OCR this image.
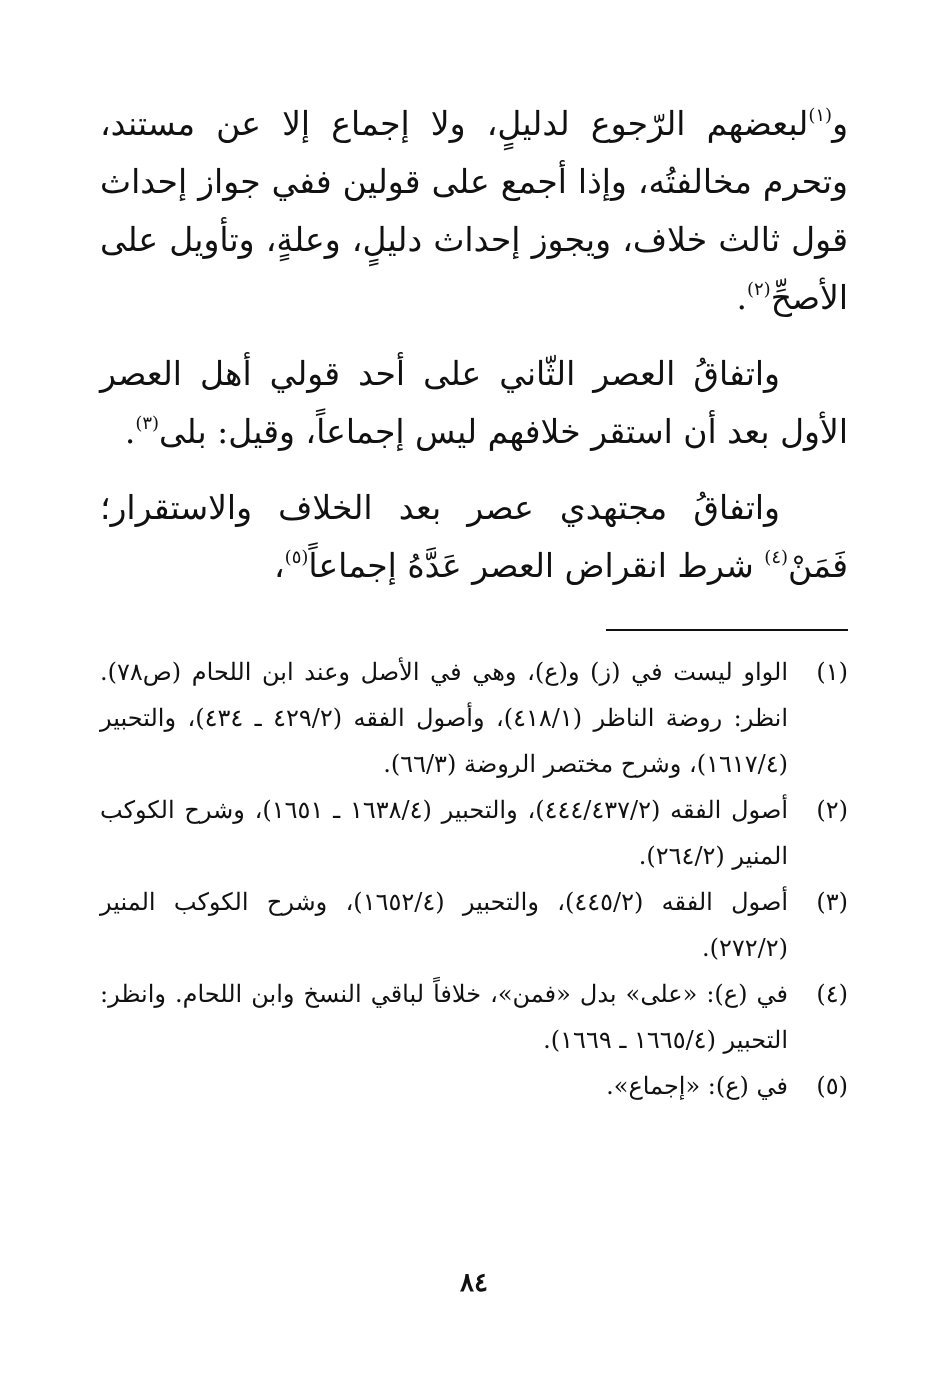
و$^{(١)}$لبعضهم الرّجوع لدليلٍ، ولا إجماع إلا عن مستند، وتحرم مخالفتُه، وإذا أجمع على قولين ففي جواز إحداث قول ثالث خلاف، ويجوز إحداث دليلٍ، وعلةٍ، وتأويل على الأصحِّ$^{(٢)}$.

واتفاقُ العصر الثّاني على أحد قولي أهل العصر الأول بعد أن استقر خلافهم ليس إجماعاً، وقيل: بلى$^{(٣)}$.

واتفاقُ مجتهدي عصر بعد الخلاف والاستقرار؛ فَمَنْ$^{(٤)}$ شرط انقراض العصر عَدَّهُ إجماعاً$^{(٥)}$،

(١)
الواو ليست في (ز) و(ع)، وهي في الأصل وعند ابن اللحام (ص٧٨). انظر: روضة الناظر (٤١٨/١)، وأصول الفقه (٤٢٩/٢ ـ ٤٣٤)، والتحبير (١٦١٧/٤)، وشرح مختصر الروضة (٦٦/٣).
(٢)
أصول الفقه (٤٤٤/٤٣٧/٢)، والتحبير (١٦٣٨/٤ ـ ١٦٥١)، وشرح الكوكب المنير (٢٦٤/٢).
(٣)
أصول الفقه (٤٤٥/٢)، والتحبير (١٦٥٢/٤)، وشرح الكوكب المنير (٢٧٢/٢).
(٤)
في (ع): «على» بدل «فمن»، خلافاً لباقي النسخ وابن اللحام. وانظر: التحبير (١٦٦٥/٤ ـ ١٦٦٩).
(٥)
في (ع): «إجماع».
٨٤
